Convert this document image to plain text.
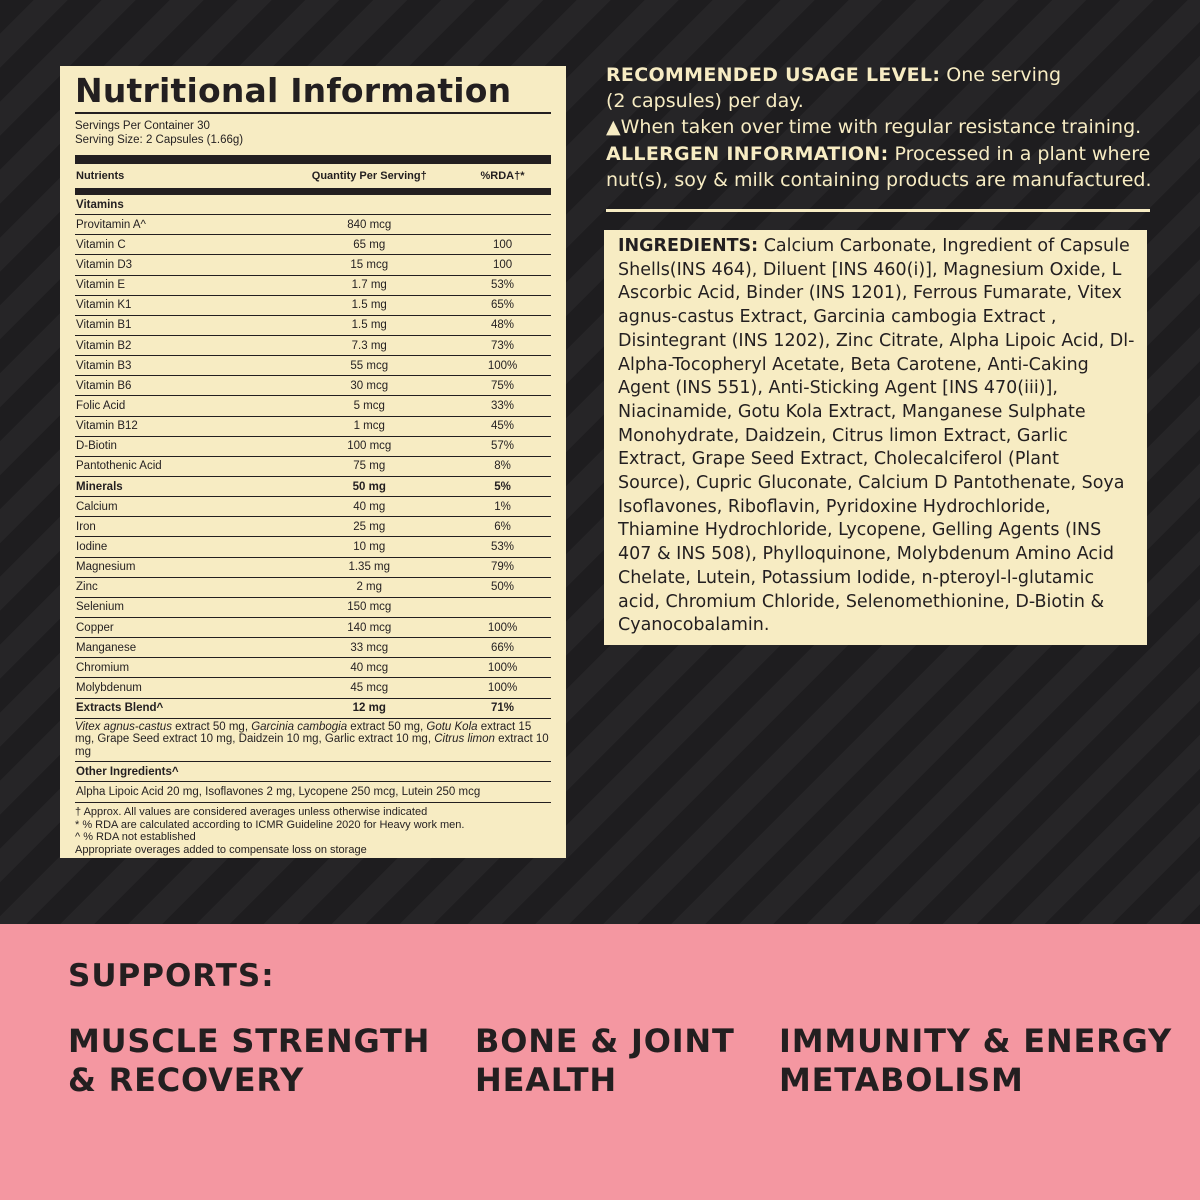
Nutritional Information
Servings Per Container 30
Serving Size: 2 Capsules (1.66g)
Nutrients	Quantity Per Serving†	%RDA†*
Vitamins
Provitamin A^	840 mcg
Vitamin C	65 mg	100
Vitamin D3	15 mcg	100
Vitamin E	1.7 mg	53%
Vitamin K1	1.5 mg	65%
Vitamin B1	1.5 mg	48%
Vitamin B2	7.3 mg	73%
Vitamin B3	55 mcg	100%
Vitamin B6	30 mcg	75%
Folic Acid	5 mcg	33%
Vitamin B12	1 mcg	45%
D-Biotin	100 mcg	57%
Pantothenic Acid	75 mg	8%
Minerals	50 mg	5%
Calcium	40 mg	1%
Iron	25 mg	6%
Iodine	10 mg	53%
Magnesium	1.35 mg	79%
Zinc	2 mg	50%
Selenium	150 mcg
Copper	140 mcg	100%
Manganese	33 mcg	66%
Chromium	40 mcg	100%
Molybdenum	45 mcg	100%
Extracts Blend^	12 mg	71%
Vitex agnus-castus extract 50 mg, Garcinia cambogia extract 50 mg, Gotu Kola extract 15 mg, Grape Seed extract 10 mg, Daidzein 10 mg, Garlic extract 10 mg, Citrus limon extract 10 mg
Other Ingredients^
Alpha Lipoic Acid 20 mg, Isoflavones 2 mg, Lycopene 250 mcg, Lutein 250 mcg
† Approx. All values are considered averages unless otherwise indicated
* % RDA are calculated according to ICMR Guideline 2020 for Heavy work men.
^ % RDA not established
Appropriate overages added to compensate loss on storage
RECOMMENDED USAGE LEVEL: One serving
(2 capsules) per day.
▲When taken over time with regular resistance training.
ALLERGEN INFORMATION: Processed in a plant where
nut(s), soy & milk containing products are manufactured.
INGREDIENTS: Calcium Carbonate, Ingredient of Capsule Shells(INS 464), Diluent [INS 460(i)], Magnesium Oxide, L Ascorbic Acid, Binder (INS 1201), Ferrous Fumarate, Vitex agnus-castus Extract, Garcinia cambogia Extract , Disintegrant (INS 1202), Zinc Citrate, Alpha Lipoic Acid, Dl-Alpha-Tocopheryl Acetate, Beta Carotene, Anti-Caking Agent (INS 551), Anti-Sticking Agent [INS 470(iii)], Niacinamide, Gotu Kola Extract, Manganese Sulphate Monohydrate, Daidzein, Citrus limon Extract, Garlic Extract, Grape Seed Extract, Cholecalciferol (Plant Source), Cupric Gluconate, Calcium D Pantothenate, Soya Isoflavones, Riboflavin, Pyridoxine Hydrochloride, Thiamine Hydrochloride, Lycopene, Gelling Agents (INS 407 & INS 508), Phylloquinone, Molybdenum Amino Acid Chelate, Lutein, Potassium Iodide, n-pteroyl-l-glutamic acid, Chromium Chloride, Selenomethionine, D-Biotin & Cyanocobalamin.
SUPPORTS:
MUSCLE STRENGTH
& RECOVERY
BONE & JOINT
HEALTH
IMMUNITY & ENERGY
METABOLISM
